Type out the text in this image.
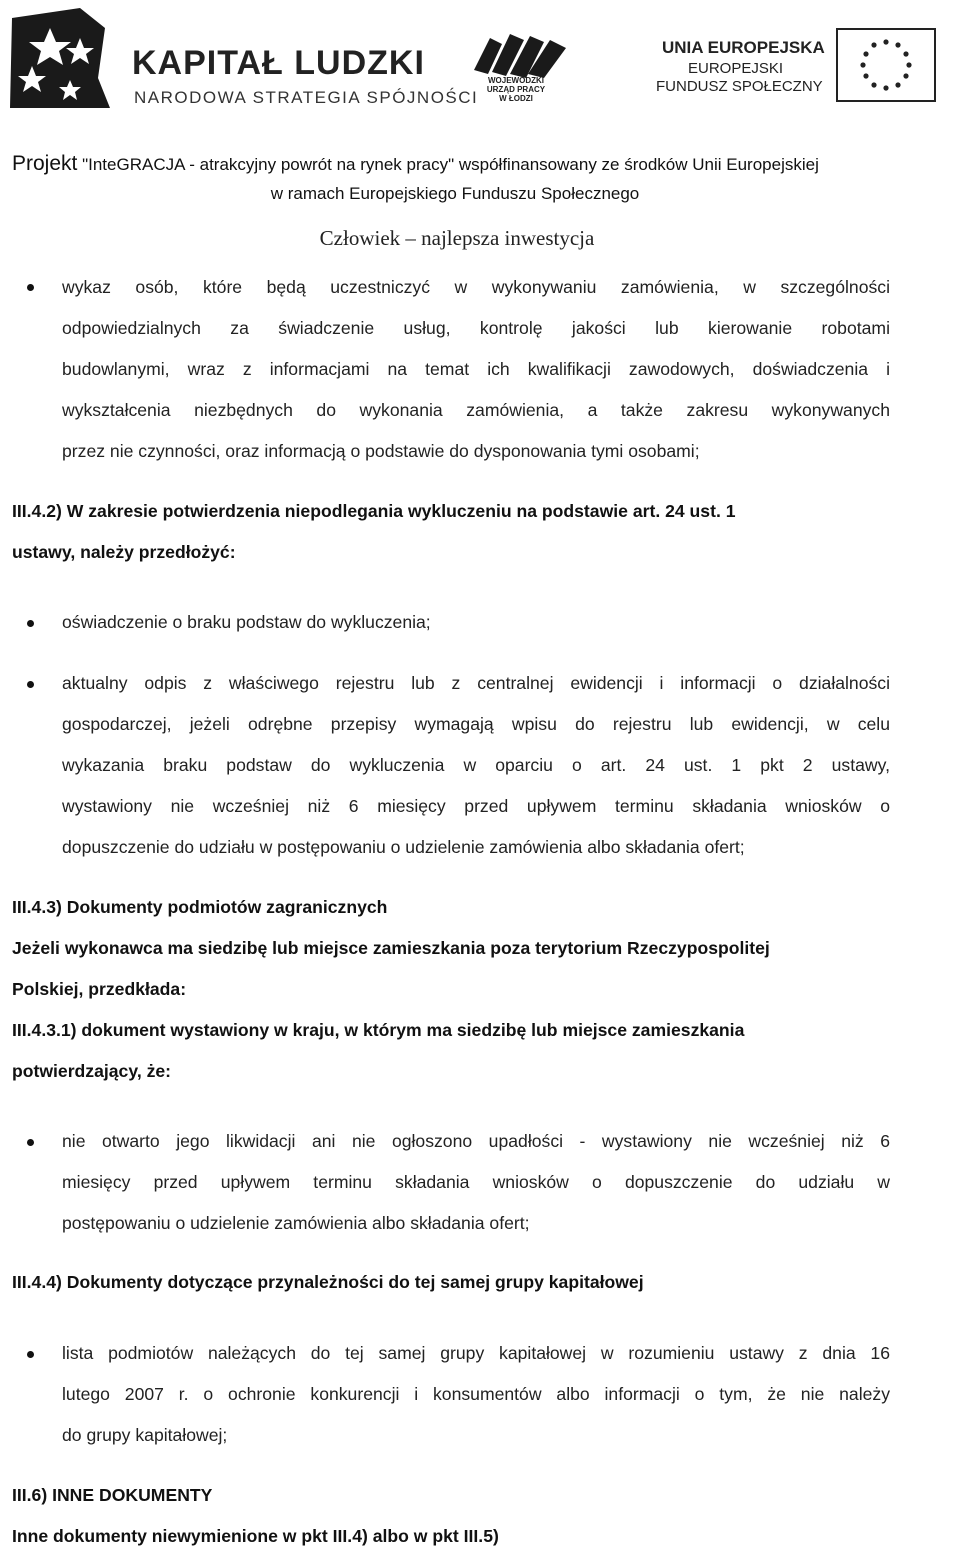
KAPITAŁ LUDZKI
NARODOWA STRATEGIA SPÓJNOŚCI
WOJEWÓDZKI
URZĄD PRACY
W ŁODZI
UNIA EUROPEJSKA
EUROPEJSKI
FUNDUSZ SPOŁECZNY
Projekt "InteGRACJA - atrakcyjny powrót na rynek pracy" współfinansowany ze środków Unii Europejskiej
w ramach Europejskiego Funduszu Społecznego
Człowiek – najlepsza inwestycja
wykaz osób, które będą uczestniczyć w wykonywaniu zamówienia, w szczególności
odpowiedzialnych za świadczenie usług, kontrolę jakości lub kierowanie robotami
budowlanymi, wraz z informacjami na temat ich kwalifikacji zawodowych, doświadczenia i
wykształcenia niezbędnych do wykonania zamówienia, a także zakresu wykonywanych
przez nie czynności, oraz informacją o podstawie do dysponowania tymi osobami;
III.4.2) W zakresie potwierdzenia niepodlegania wykluczeniu na podstawie art. 24 ust. 1
ustawy, należy przedłożyć:
oświadczenie o braku podstaw do wykluczenia;
aktualny odpis z właściwego rejestru lub z centralnej ewidencji i informacji o działalności
gospodarczej, jeżeli odrębne przepisy wymagają wpisu do rejestru lub ewidencji, w celu
wykazania braku podstaw do wykluczenia w oparciu o art. 24 ust. 1 pkt 2 ustawy,
wystawiony nie wcześniej niż 6 miesięcy przed upływem terminu składania wniosków o
dopuszczenie do udziału w postępowaniu o udzielenie zamówienia albo składania ofert;
III.4.3) Dokumenty podmiotów zagranicznych
Jeżeli wykonawca ma siedzibę lub miejsce zamieszkania poza terytorium Rzeczypospolitej
Polskiej, przedkłada:
III.4.3.1) dokument wystawiony w kraju, w którym ma siedzibę lub miejsce zamieszkania
potwierdzający, że:
nie otwarto jego likwidacji ani nie ogłoszono upadłości - wystawiony nie wcześniej niż 6
miesięcy przed upływem terminu składania wniosków o dopuszczenie do udziału w
postępowaniu o udzielenie zamówienia albo składania ofert;
III.4.4) Dokumenty dotyczące przynależności do tej samej grupy kapitałowej
lista podmiotów należących do tej samej grupy kapitałowej w rozumieniu ustawy z dnia 16
lutego 2007 r. o ochronie konkurencji i konsumentów albo informacji o tym, że nie należy
do grupy kapitałowej;
III.6) INNE DOKUMENTY
Inne dokumenty niewymienione w pkt III.4) albo w pkt III.5)
